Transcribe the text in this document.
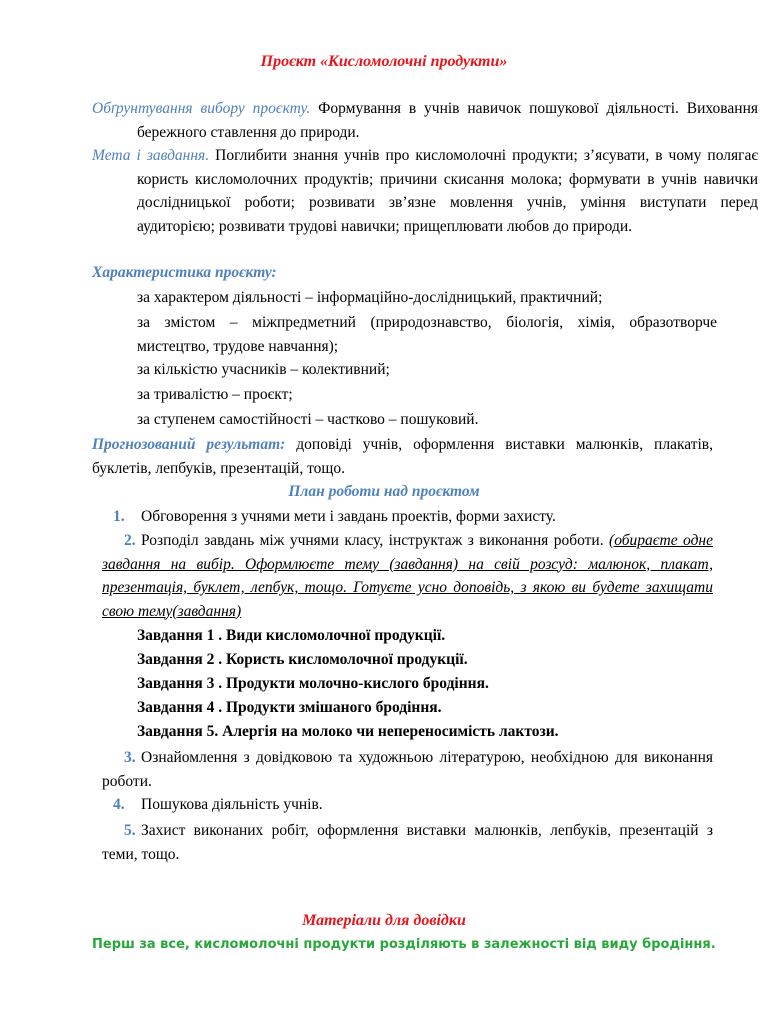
Проєкт «Кисломолочні продукти»
Обґрунтування вибору проєкту. Формування в учнів навичок пошукової діяльності. Виховання бережного ставлення до природи.
Мета і завдання. Поглибити знання учнів про кисломолочні продукти; з’ясувати, в чому полягає користь кисломолочних продуктів; причини скисання молока; формувати в учнів навички дослідницької роботи; розвивати зв’язне мовлення учнів, уміння виступати перед аудиторією; розвивати трудові навички; прищеплювати любов до природи.
Характеристика проєкту:
за характером діяльності – інформаційно-дослідницький, практичний;
за змістом – міжпредметний (природознавство, біологія, хімія, образотворче мистецтво, трудове навчання);
за кількістю учасників – колективний;
за тривалістю – проєкт;
за ступенем самостійності – частково – пошуковий.
Прогнозований результат: доповіді учнів, оформлення виставки малюнків, плакатів, буклетів, лепбуків, презентацій, тощо.
План роботи над проєктом
1. Обговорення з учнями мети і завдань проектів, форми захисту.
2. Розподіл завдань між учнями класу, інструктаж з виконання роботи. (обираєте одне завдання на вибір. Оформлюєте тему (завдання) на свій розсуд: малюнок, плакат, презентація, буклет, лепбук, тощо. Готуєте усно доповідь, з якою ви будете захищати свою тему(завдання)
Завдання 1 . Види кисломолочної продукції.
Завдання 2 . Користь кисломолочної продукції.
Завдання 3 . Продукти молочно-кислого бродіння.
Завдання 4 . Продукти змішаного бродіння.
Завдання 5. Алергія на молоко чи непереносимість лактози.
3. Ознайомлення з довідковою та художньою літературою, необхідною для виконання роботи.
4. Пошукова діяльність учнів.
5. Захист виконаних робіт, оформлення виставки малюнків, лепбуків, презентацій з теми, тощо.
Матеріали для довідки
Перш за все, кисломолочні продукти розділяють в залежності від виду бродіння.
